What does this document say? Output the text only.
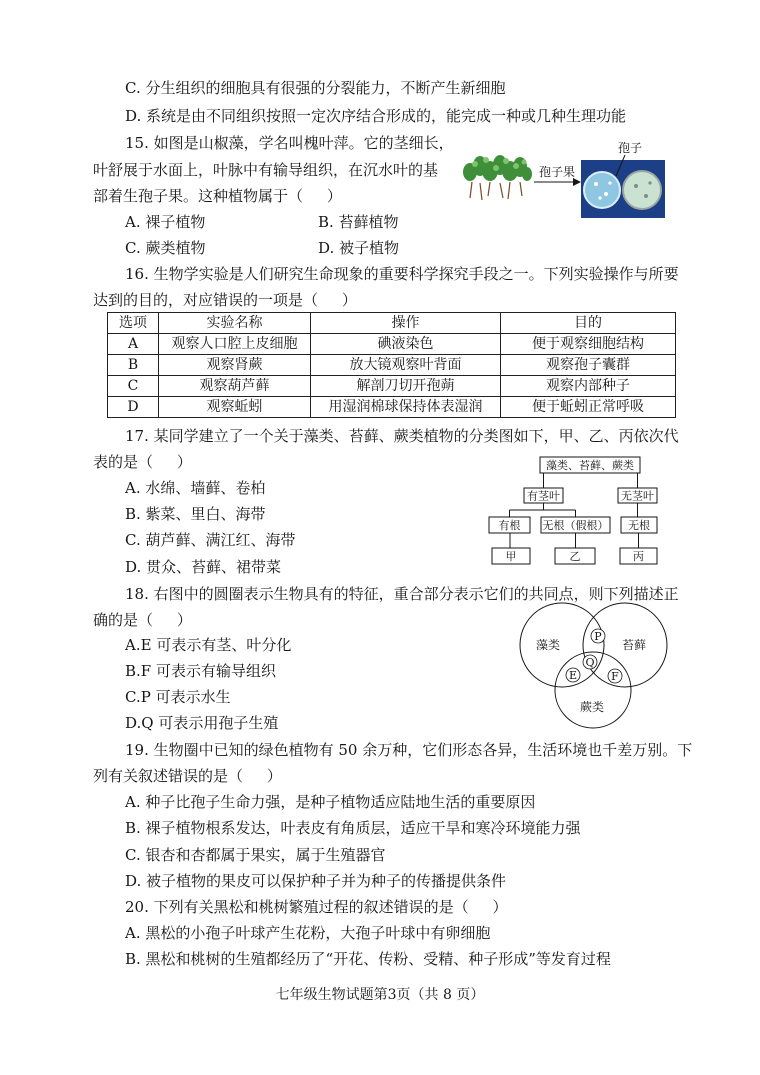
C. 分生组织的细胞具有很强的分裂能力，不断产生新细胞
D. 系统是由不同组织按照一定次序结合形成的，能完成一种或几种生理功能
15. 如图是山椒藻，学名叫槐叶萍。它的茎细长，
叶舒展于水面上，叶脉中有输导组织，在沉水叶的基
部着生孢子果。这种植物属于（     ）
A. 裸子植物	B. 苔藓植物
C. 蕨类植物	D. 被子植物
孢子果
孢子
16. 生物学实验是人们研究生命现象的重要科学探究手段之一。下列实验操作与所要
达到的目的，对应错误的一项是（     ）
选项	实验名称	操作	目的
A	观察人口腔上皮细胞	碘液染色	便于观察细胞结构
B	观察肾蕨	放大镜观察叶背面	观察孢子囊群
C	观察葫芦藓	解剖刀切开孢蒴	观察内部种子
D	观察蚯蚓	用湿润棉球保持体表湿润	便于蚯蚓正常呼吸
17. 某同学建立了一个关于藻类、苔藓、蕨类植物的分类图如下，甲、乙、丙依次代
表的是（     ）
A. 水绵、墙藓、卷柏
B. 紫菜、里白、海带
C. 葫芦藓、满江红、海带
D. 贯众、苔藓、裙带菜
藻类、苔藓、蕨类
有茎叶	无茎叶
有根 无根（假根） 无根
甲	乙	丙
18. 右图中的圆圈表示生物具有的特征，重合部分表示它们的共同点，则下列描述正
确的是（     ）
A.E 可表示有茎、叶分化
B.F 可表示有输导组织
C.P 可表示水生
D.Q 可表示用孢子生殖
藻类	苔藓
蕨类
P
Q
E	F
19. 生物圈中已知的绿色植物有 50 余万种，它们形态各异，生活环境也千差万别。下
列有关叙述错误的是（     ）
A. 种子比孢子生命力强，是种子植物适应陆地生活的重要原因
B. 裸子植物根系发达，叶表皮有角质层，适应干旱和寒冷环境能力强
C. 银杏和杏都属于果实，属于生殖器官
D. 被子植物的果皮可以保护种子并为种子的传播提供条件
20. 下列有关黑松和桃树繁殖过程的叙述错误的是（     ）
A. 黑松的小孢子叶球产生花粉，大孢子叶球中有卵细胞
B. 黑松和桃树的生殖都经历了“开花、传粉、受精、种子形成”等发育过程
七年级生物试题第3页（共 8 页）
